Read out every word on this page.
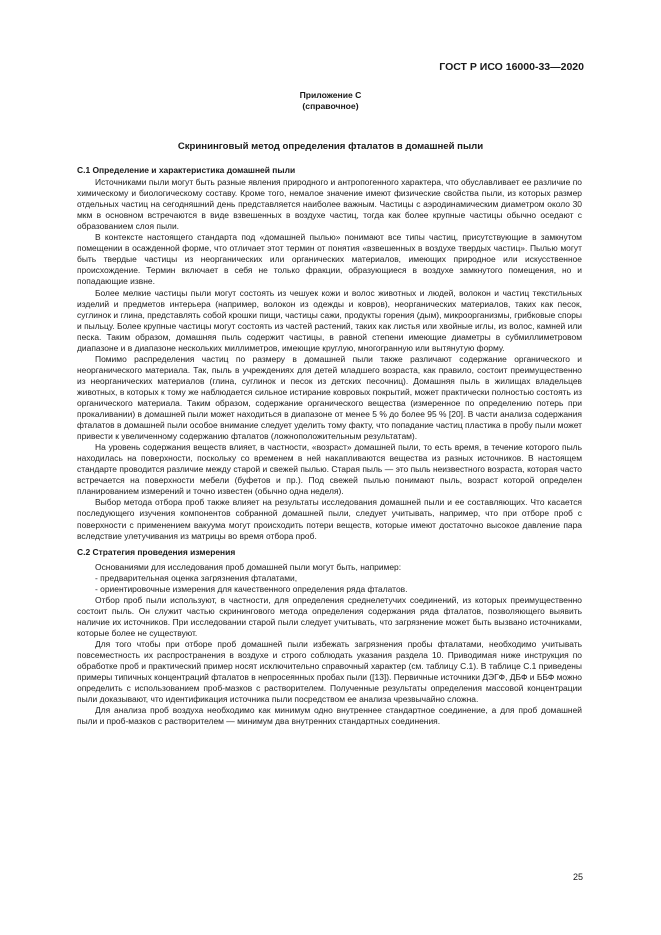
ГОСТ Р ИСО 16000-33—2020
Приложение С
(справочное)
Скрининговый метод определения фталатов в домашней пыли

С.1 Определение и характеристика домашней пыли

Источниками пыли могут быть разные явления природного и антропогенного характера, что обуславливает ее различие по химическому и биологическому составу. Кроме того, немалое значение имеют физические свойства пыли, из которых размер отдельных частиц на сегодняшний день представляется наиболее важным. Частицы с аэродинамическим диаметром около 30 мкм в основном встречаются в виде взвешенных в воздухе частиц, тогда как более крупные частицы обычно оседают с образованием слоя пыли.

В контексте настоящего стандарта под «домашней пылью» понимают все типы частиц, присутствующие в замкнутом помещении в осажденной форме, что отличает этот термин от понятия «взвешенных в воздухе твердых частиц». Пылью могут быть твердые частицы из неорганических или органических материалов, имеющих природное или искусственное происхождение. Термин включает в себя не только фракции, образующиеся в воздухе замкнутого помещения, но и попадающие извне.

Более мелкие частицы пыли могут состоять из чешуек кожи и волос животных и людей, волокон и частиц текстильных изделий и предметов интерьера (например, волокон из одежды и ковров), неорганических материалов, таких как песок, суглинок и глина, представлять собой крошки пищи, частицы сажи, продукты горения (дым), микроорганизмы, грибковые споры и пыльцу. Более крупные частицы могут состоять из частей растений, таких как листья или хвойные иглы, из волос, камней или песка. Таким образом, домашняя пыль содержит частицы, в равной степени имеющие диаметры в субмиллиметровом диапазоне и в диапазоне нескольких миллиметров, имеющие круглую, многогранную или вытянутую форму.

Помимо распределения частиц по размеру в домашней пыли также различают содержание органического и неорганического материала. Так, пыль в учреждениях для детей младшего возраста, как правило, состоит преимущественно из неорганических материалов (глина, суглинок и песок из детских песочниц). Домашняя пыль в жилищах владельцев животных, в которых к тому же наблюдается сильное истирание ковровых покрытий, может практически полностью состоять из органического материала. Таким образом, содержание органического вещества (измеренное по определению потерь при прокаливании) в домашней пыли может находиться в диапазоне от менее 5 % до более 95 % [20]. В части анализа содержания фталатов в домашней пыли особое внимание следует уделить тому факту, что попадание частиц пластика в пробу пыли может привести к увеличенному содержанию фталатов (ложноположительным результатам).

На уровень содержания веществ влияет, в частности, «возраст» домашней пыли, то есть время, в течение которого пыль находилась на поверхности, поскольку со временем в ней накапливаются вещества из разных источников. В настоящем стандарте проводится различие между старой и свежей пылью. Старая пыль — это пыль неизвестного возраста, которая часто встречается на поверхности мебели (буфетов и пр.). Под свежей пылью понимают пыль, возраст которой определен планированием измерений и точно известен (обычно одна неделя).

Выбор метода отбора проб также влияет на результаты исследования домашней пыли и ее составляющих. Что касается последующего изучения компонентов собранной домашней пыли, следует учитывать, например, что при отборе проб с поверхности с применением вакуума могут происходить потери веществ, которые имеют достаточно высокое давление пара вследствие улетучивания из матрицы во время отбора проб.

С.2 Стратегия проведения измерения

Основаниями для исследования проб домашней пыли могут быть, например:

- предварительная оценка загрязнения фталатами,

- ориентировочные измерения для качественного определения ряда фталатов.

Отбор проб пыли используют, в частности, для определения среднелетучих соединений, из которых преимущественно состоит пыль. Он служит частью скринингового метода определения содержания ряда фталатов, позволяющего выявить наличие их источников. При исследовании старой пыли следует учитывать, что загрязнение может быть вызвано источниками, которые более не существуют.

Для того чтобы при отборе проб домашней пыли избежать загрязнения пробы фталатами, необходимо учитывать повсеместность их распространения в воздухе и строго соблюдать указания раздела 10. Приводимая ниже инструкция по обработке проб и практический пример носят исключительно справочный характер (см. таблицу С.1). В таблице С.1 приведены примеры типичных концентраций фталатов в непросеянных пробах пыли ([13]). Первичные источники ДЭГФ, ДБФ и ББФ можно определить с использованием проб-мазков с растворителем. Полученные результаты определения массовой концентрации пыли доказывают, что идентификация источника пыли посредством ее анализа чрезвычайно сложна.

Для анализа проб воздуха необходимо как минимум одно внутреннее стандартное соединение, а для проб домашней пыли и проб-мазков с растворителем — минимум два внутренних стандартных соединения.

25
